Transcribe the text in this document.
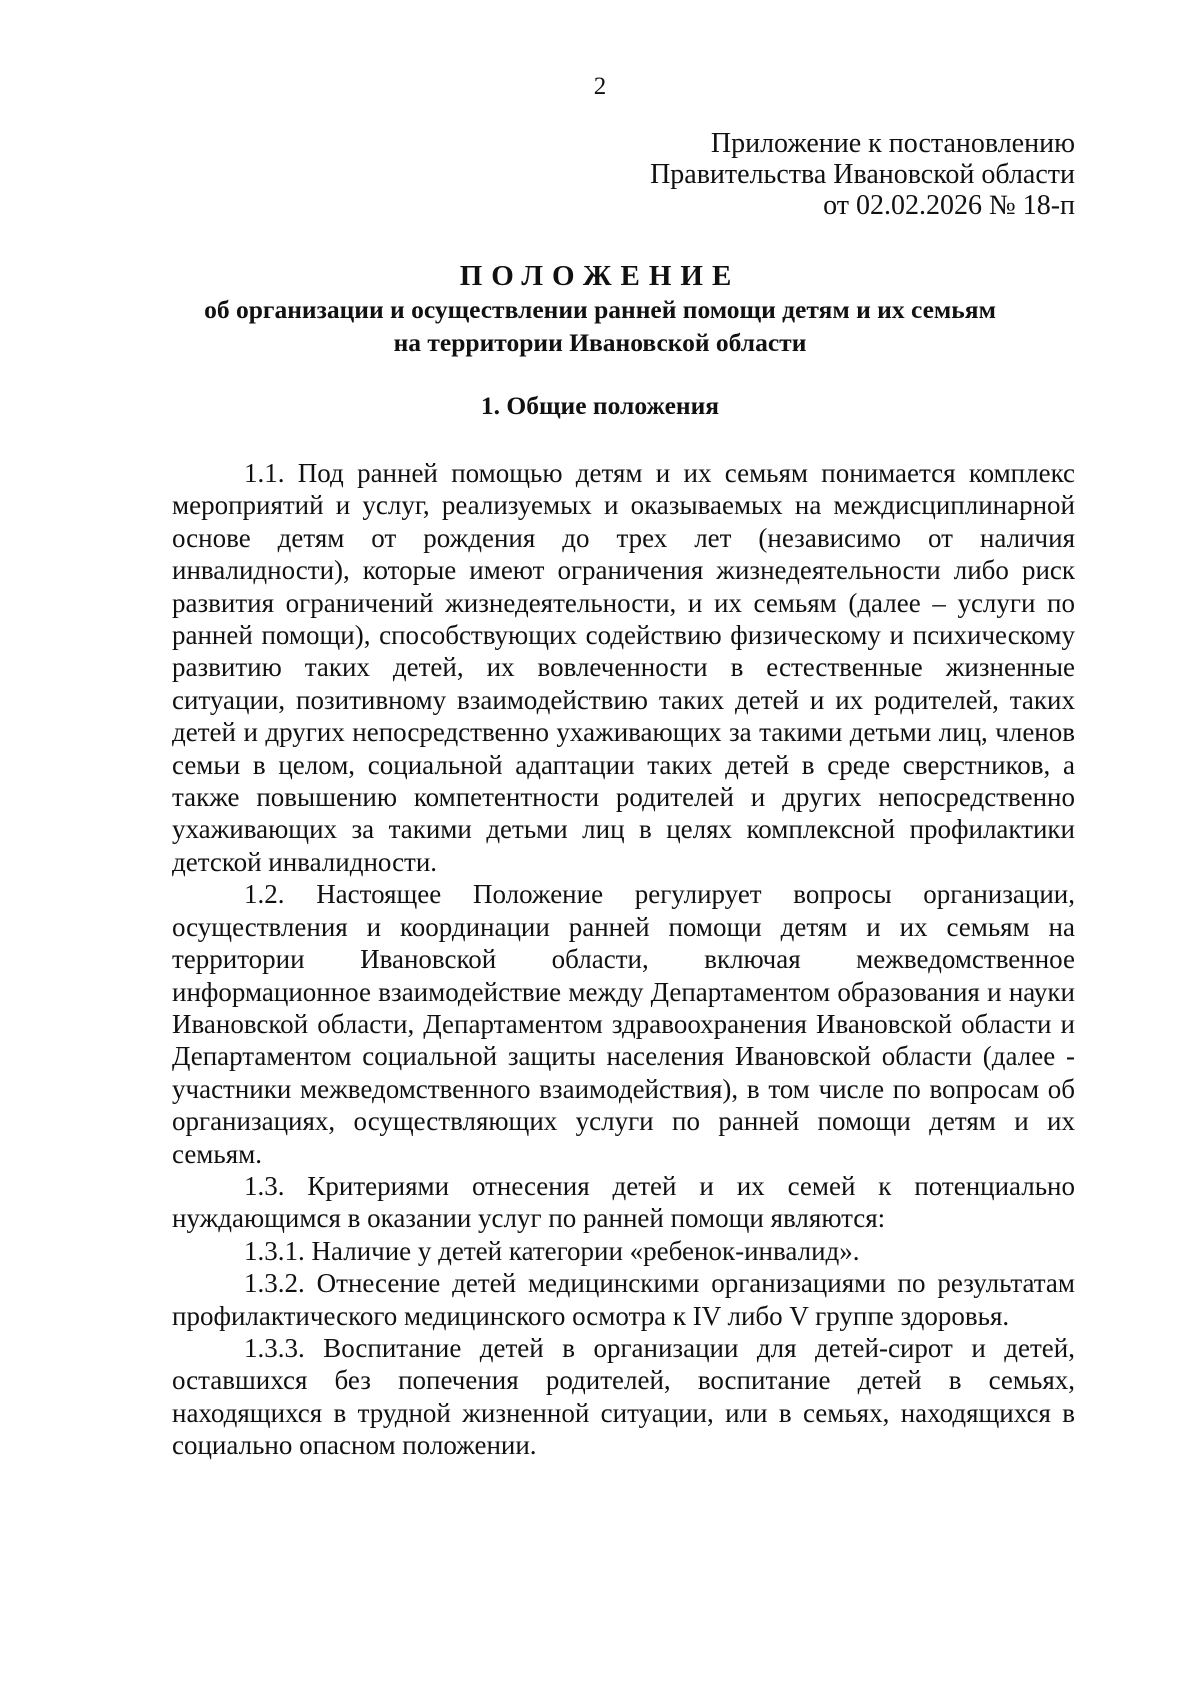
2
Приложение к постановлению
Правительства Ивановской области
от 02.02.2026 № 18-п
ПОЛОЖЕНИЕ
об организации и осуществлении ранней помощи детям и их семьям
на территории Ивановской области
1. Общие положения

1.1. Под ранней помощью детям и их семьям понимается комплекс мероприятий и услуг, реализуемых и оказываемых на междисциплинарной основе детям от рождения до трех лет (независимо от наличия инвалидности), которые имеют ограничения жизнедеятельности либо риск развития ограничений жизнедеятельности, и их семьям (далее – услуги по ранней помощи), способствующих содействию физическому и психическому развитию таких детей, их вовлеченности в естественные жизненные ситуации, позитивному взаимодействию таких детей и их родителей, таких детей и других непосредственно ухаживающих за такими детьми лиц, членов семьи в целом, социальной адаптации таких детей в среде сверстников, а также повышению компетентности родителей и других непосредственно ухаживающих за такими детьми лиц в целях комплексной профилактики детской инвалидности.

1.2. Настоящее Положение регулирует вопросы организации, осуществления и координации ранней помощи детям и их семьям на территории Ивановской области, включая межведомственное информационное взаимодействие между Департаментом образования и науки Ивановской области, Департаментом здравоохранения Ивановской области и Департаментом социальной защиты населения Ивановской области (далее - участники межведомственного взаимодействия), в том числе по вопросам об организациях, осуществляющих услуги по ранней помощи детям и их семьям.

1.3. Критериями отнесения детей и их семей к потенциально нуждающимся в оказании услуг по ранней помощи являются:

1.3.1. Наличие у детей категории «ребенок-инвалид».

1.3.2. Отнесение детей медицинскими организациями по результатам профилактического медицинского осмотра к IV либо V группе здоровья.

1.3.3. Воспитание детей в организации для детей-сирот и детей, оставшихся без попечения родителей, воспитание детей в семьях, находящихся в трудной жизненной ситуации, или в семьях, находящихся в социально опасном положении.
